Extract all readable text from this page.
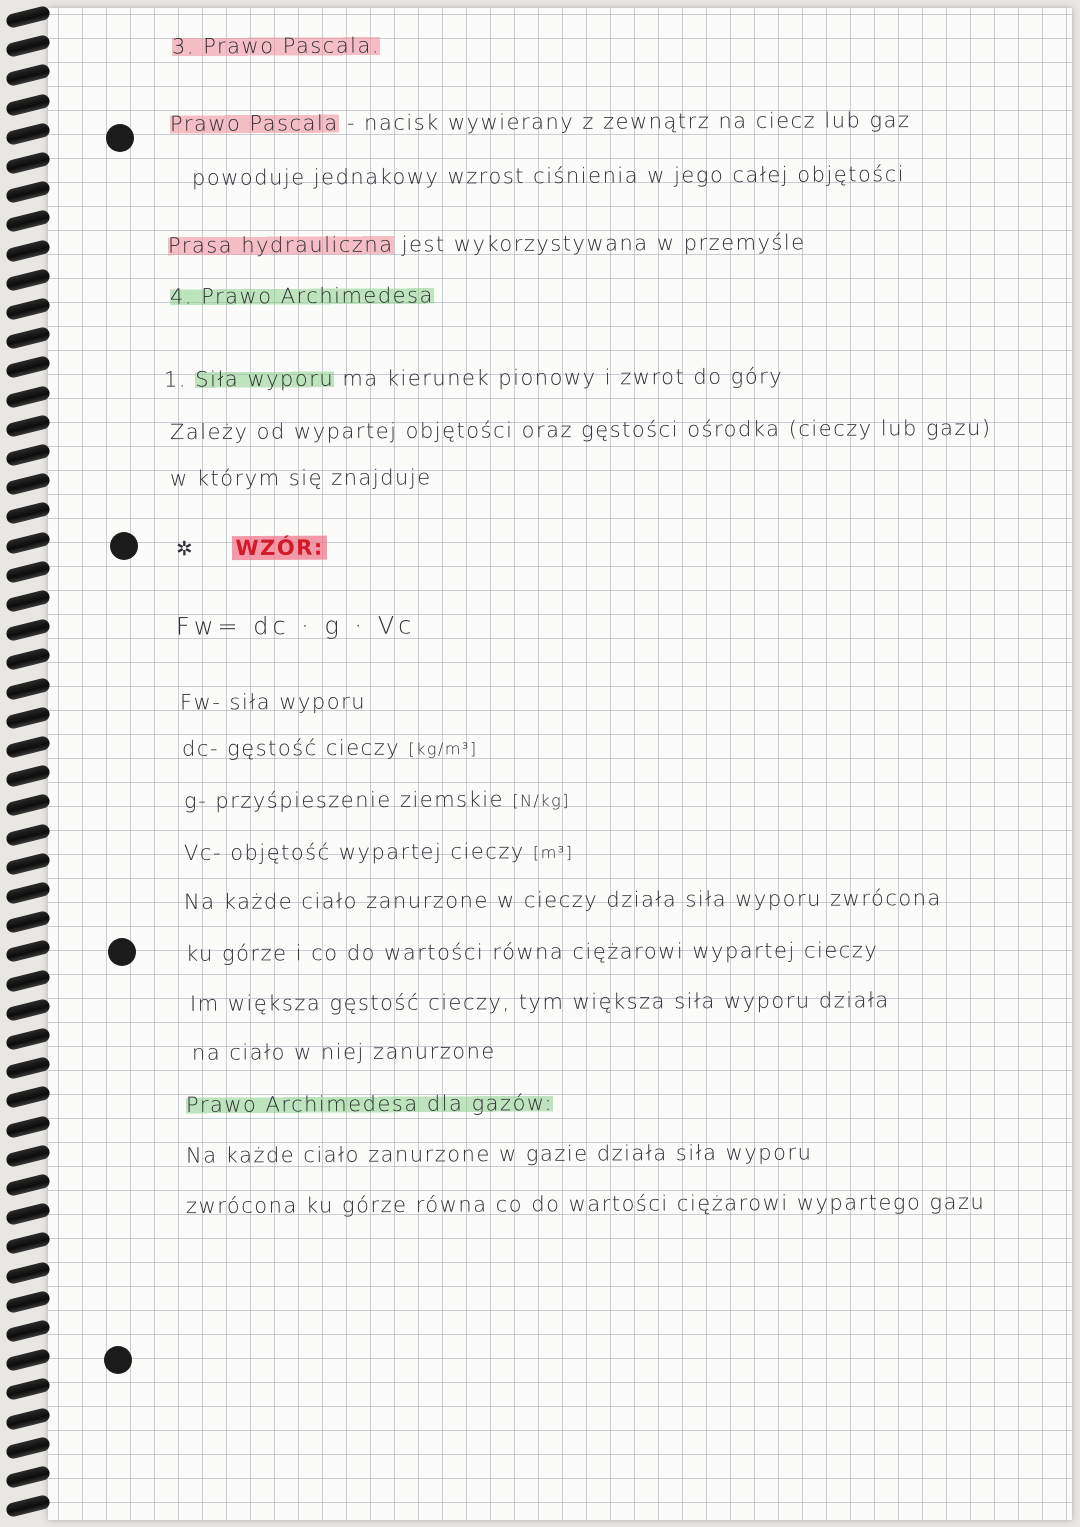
3. Prawo Pascala.
Prawo Pascala - nacisk wywierany z zewnątrz na ciecz lub gaz
powoduje jednakowy wzrost ciśnienia w jego całej objętości
Prasa hydrauliczna jest wykorzystywana w przemyśle
4. Prawo Archimedesa
1. Siła wyporu ma kierunek pionowy i zwrot do góry
Zależy od wypartej objętości oraz gęstości ośrodka (cieczy lub gazu)
w którym się znajduje
✲ WZÓR:
Fw= dc · g · Vc
Fw- siła wyporu
dc- gęstość cieczy [kg/m³]
g- przyśpieszenie ziemskie [N/kg]
Vc- objętość wypartej cieczy [m³]
Na każde ciało zanurzone w cieczy działa siła wyporu zwrócona
ku górze i co do wartości równa ciężarowi wypartej cieczy
Im większa gęstość cieczy, tym większa siła wyporu działa
na ciało w niej zanurzone
Prawo Archimedesa dla gazów:
Na każde ciało zanurzone w gazie działa siła wyporu
zwrócona ku górze równa co do wartości ciężarowi wypartego gazu
